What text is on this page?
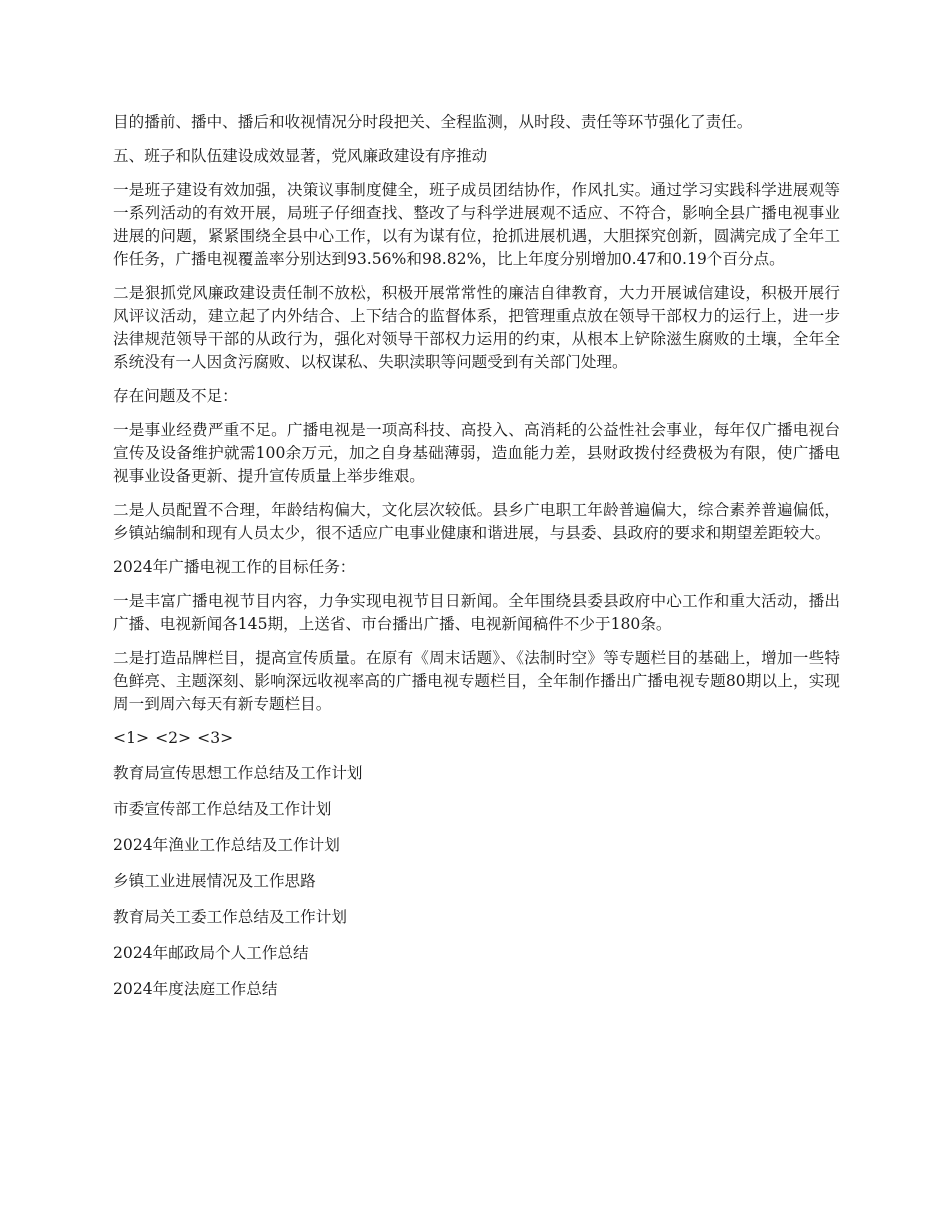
目的播前、播中、播后和收视情况分时段把关、全程监测，从时段、责任等环节强化了责任。

五、班子和队伍建设成效显著，党风廉政建设有序推动

一是班子建设有效加强，决策议事制度健全，班子成员团结协作，作风扎实。通过学习实践科学进展观等一系列活动的有效开展，局班子仔细查找、整改了与科学进展观不适应、不符合，影响全县广播电视事业进展的问题，紧紧围绕全县中心工作，以有为谋有位，抢抓进展机遇，大胆探究创新，圆满完成了全年工作任务，广播电视覆盖率分别达到93.56%和98.82%，比上年度分别增加0.47和0.19个百分点。

二是狠抓党风廉政建设责任制不放松，积极开展常常性的廉洁自律教育，大力开展诚信建设，积极开展行风评议活动，建立起了内外结合、上下结合的监督体系，把管理重点放在领导干部权力的运行上，进一步法律规范领导干部的从政行为，强化对领导干部权力运用的约束，从根本上铲除滋生腐败的土壤，全年全系统没有一人因贪污腐败、以权谋私、失职渎职等问题受到有关部门处理。

存在问题及不足：

一是事业经费严重不足。广播电视是一项高科技、高投入、高消耗的公益性社会事业，每年仅广播电视台宣传及设备维护就需100余万元，加之自身基础薄弱，造血能力差，县财政拨付经费极为有限，使广播电视事业设备更新、提升宣传质量上举步维艰。

二是人员配置不合理，年龄结构偏大，文化层次较低。县乡广电职工年龄普遍偏大，综合素养普遍偏低，乡镇站编制和现有人员太少，很不适应广电事业健康和谐进展，与县委、县政府的要求和期望差距较大。

2024年广播电视工作的目标任务：

一是丰富广播电视节目内容，力争实现电视节目日新闻。全年围绕县委县政府中心工作和重大活动，播出广播、电视新闻各145期，上送省、市台播出广播、电视新闻稿件不少于180条。

二是打造品牌栏目，提高宣传质量。在原有《周末话题》、《法制时空》等专题栏目的基础上，增加一些特色鲜亮、主题深刻、影响深远收视率高的广播电视专题栏目，全年制作播出广播电视专题80期以上，实现周一到周六每天有新专题栏目。

<1> <2> <3>
教育局宣传思想工作总结及工作计划
市委宣传部工作总结及工作计划
2024年渔业工作总结及工作计划
乡镇工业进展情况及工作思路
教育局关工委工作总结及工作计划
2024年邮政局个人工作总结
2024年度法庭工作总结
